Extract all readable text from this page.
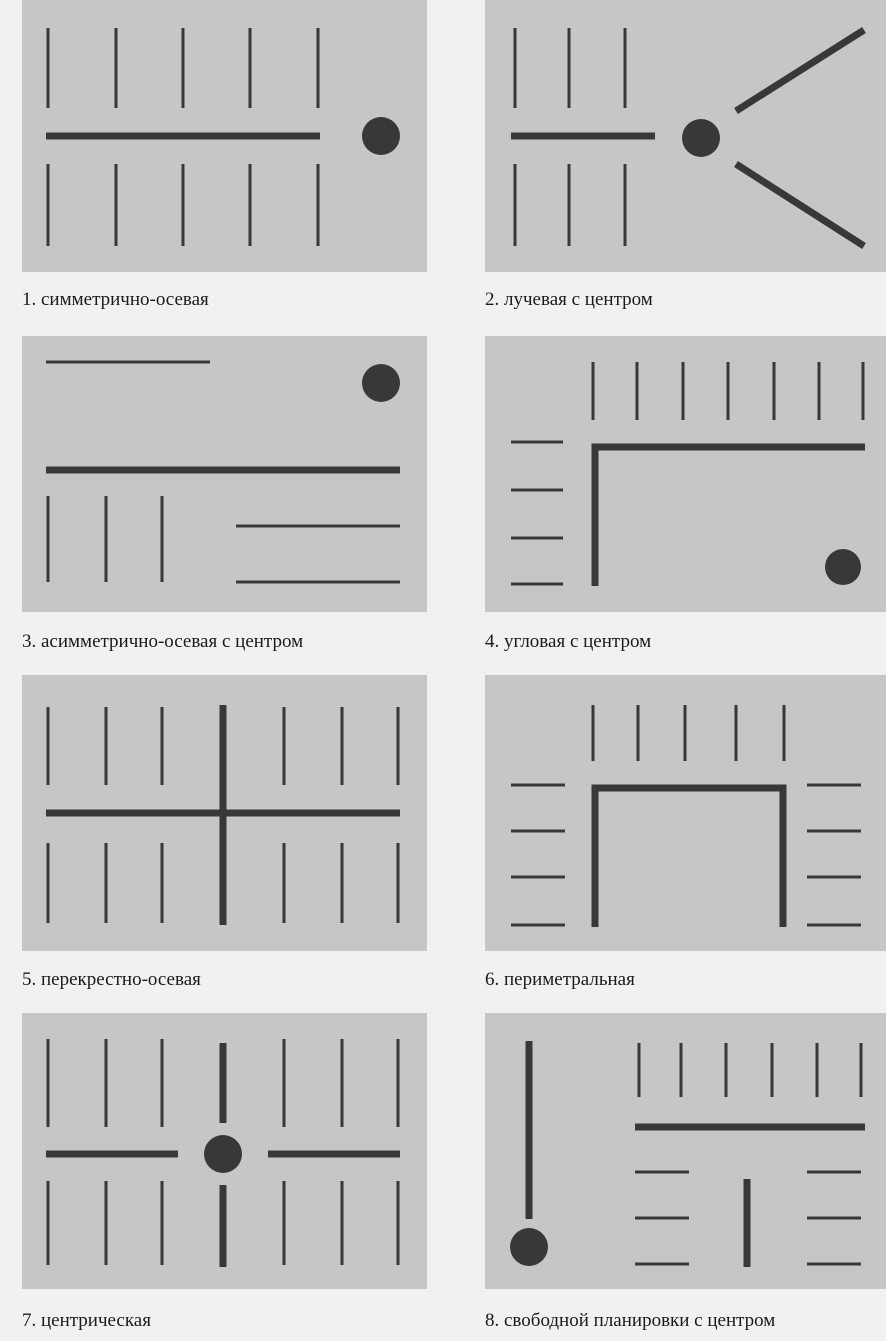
1. симметрично-осевая	2. лучевая с центром
3. асимметрично-осевая с центром	4. угловая с центром
5. перекрестно-осевая	6. периметральная
7. центрическая	8. свободной планировки с центром
